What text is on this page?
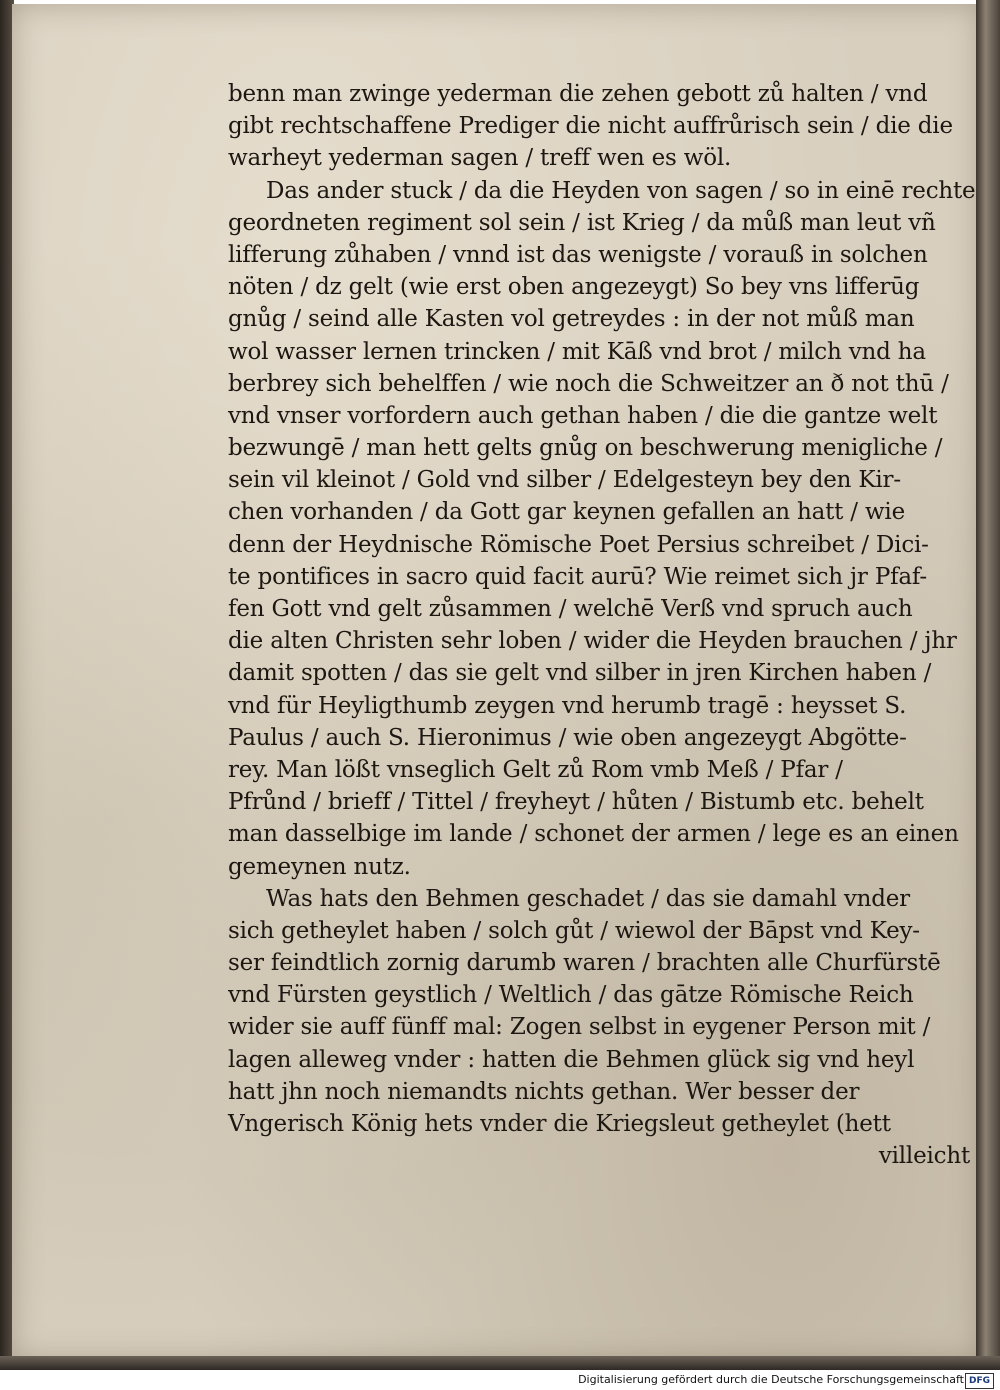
benn man zwinge yederman die zehen gebott zů halten / vnd
gibt rechtschaffene Prediger die nicht auffrůrisch sein / die die
warheyt yederman sagen / treff wen es wöl.
Das ander stuck / da die Heyden von sagen / so in einē rechte
geordneten regiment sol sein / ist Krieg / da můß man leut vñ
lifferung zůhaben / vnnd ist das wenigste / vorauß in solchen
nöten / dz gelt (wie erst oben angezeygt) So bey vns lifferūg
gnůg / seind alle Kasten vol getreydes : in der not můß man
wol wasser lernen trincken / mit Kāß vnd brot / milch vnd ha
berbrey sich behelffen / wie noch die Schweitzer an ð not thū /
vnd vnser vorfordern auch gethan haben / die die gantze welt
bezwungē / man hett gelts gnůg on beschwerung menigliche /
sein vil kleinot / Gold vnd silber / Edelgesteyn bey den Kir-
chen vorhanden / da Gott gar keynen gefallen an hatt / wie
denn der Heydnische Römische Poet Persius schreibet / Dici-
te pontifices in sacro quid facit aurū? Wie reimet sich jr Pfaf-
fen Gott vnd gelt zůsammen / welchē Verß vnd spruch auch
die alten Christen sehr loben / wider die Heyden brauchen / jhr
damit spotten / das sie gelt vnd silber in jren Kirchen haben /
vnd für Heyligthumb zeygen vnd herumb tragē : heysset S.
Paulus / auch S. Hieronimus / wie oben angezeygt Abgötte-
rey. Man lößt vnseglich Gelt zů Rom vmb Meß / Pfar /
Pfrůnd / brieff / Tittel / freyheyt / hůten / Bistumb etc. behelt
man dasselbige im lande / schonet der armen / lege es an einen
gemeynen nutz.
Was hats den Behmen geschadet / das sie damahl vnder
sich getheylet haben / solch gůt / wiewol der Bāpst vnd Key-
ser feindtlich zornig darumb waren / brachten alle Churfürstē
vnd Fürsten geystlich / Weltlich / das gātze Römische Reich
wider sie auff fünff mal: Zogen selbst in eygener Person mit /
lagen alleweg vnder : hatten die Behmen glück sig vnd heyl
hatt jhn noch niemandts nichts gethan. Wer besser der
Vngerisch König hets vnder die Kriegsleut getheylet (hett
villeicht
Digitalisierung gefördert durch die Deutsche Forschungsgemeinschaft DFG
